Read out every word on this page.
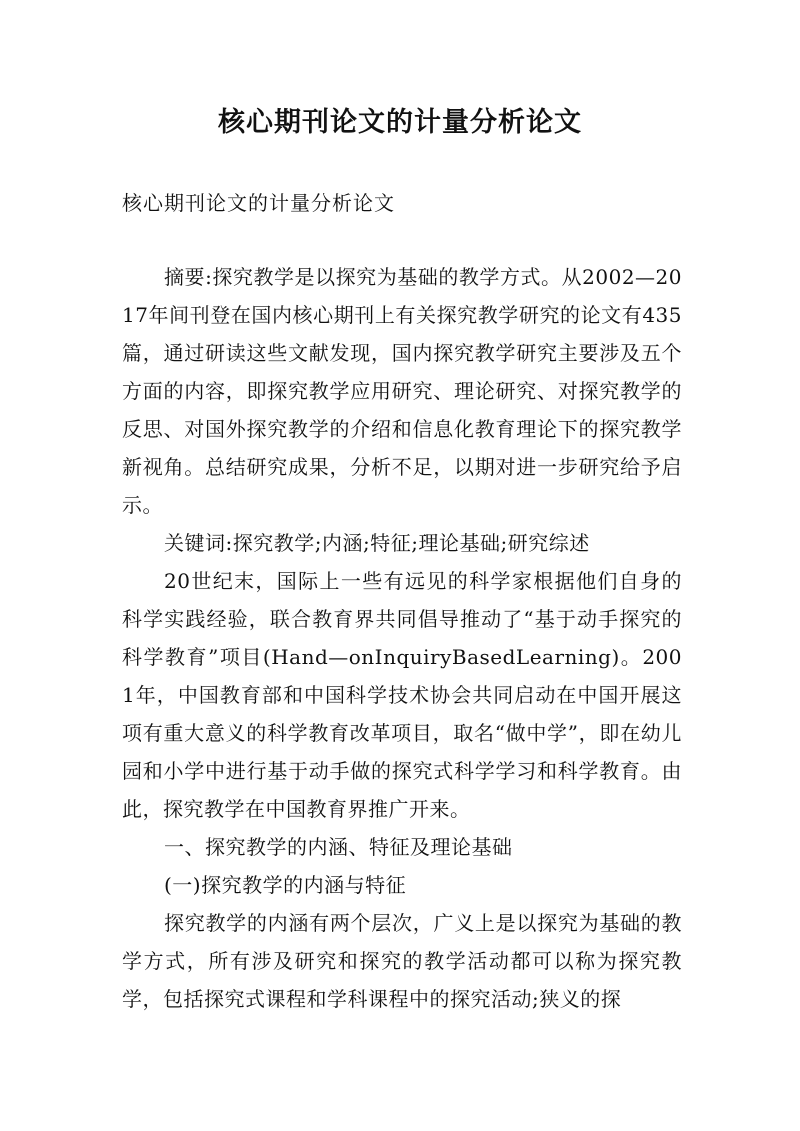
核心期刊论文的计量分析论文

核心期刊论文的计量分析论文

摘要:探究教学是以探究为基础的教学方式。从2002—2017年间刊登在国内核心期刊上有关探究教学研究的论文有435篇，通过研读这些文献发现，国内探究教学研究主要涉及五个方面的内容，即探究教学应用研究、理论研究、对探究教学的反思、对国外探究教学的介绍和信息化教育理论下的探究教学新视角。总结研究成果，分析不足，以期对进一步研究给予启示。

关键词:探究教学;内涵;特征;理论基础;研究综述

20世纪末，国际上一些有远见的科学家根据他们自身的科学实践经验，联合教育界共同倡导推动了“基于动手探究的科学教育”项目(Hand—onInquiryBasedLearning)。2001年，中国教育部和中国科学技术协会共同启动在中国开展这项有重大意义的科学教育改革项目，取名“做中学”，即在幼儿园和小学中进行基于动手做的探究式科学学习和科学教育。由此，探究教学在中国教育界推广开来。

一、探究教学的内涵、特征及理论基础

(一)探究教学的内涵与特征

探究教学的内涵有两个层次，广义上是以探究为基础的教学方式，所有涉及研究和探究的教学活动都可以称为探究教学，包括探究式课程和学科课程中的探究活动;狭义的探
